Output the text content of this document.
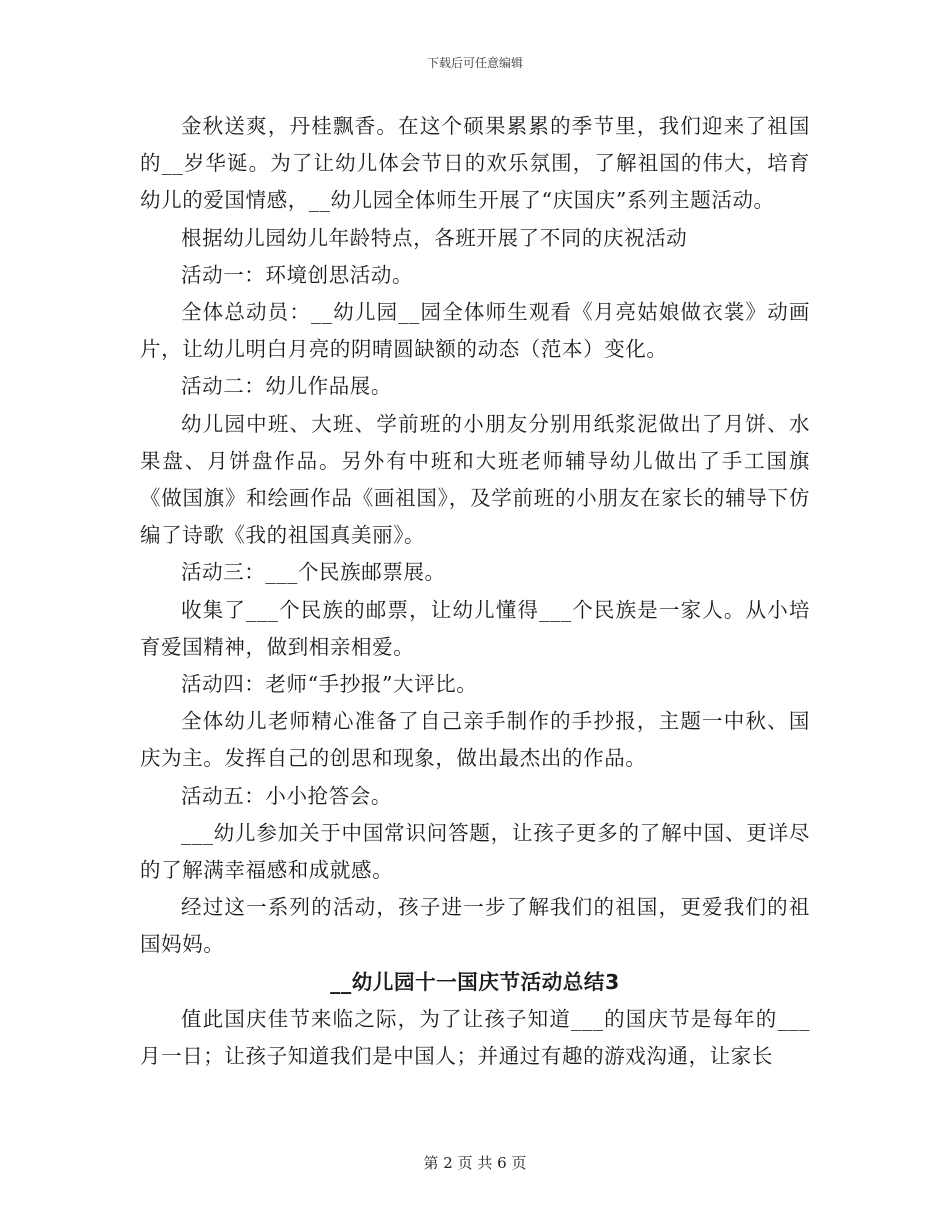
下载后可任意编辑

金秋送爽，丹桂飘香。在这个硕果累累的季节里，我们迎来了祖国的__岁华诞。为了让幼儿体会节日的欢乐氛围，了解祖国的伟大，培育幼儿的爱国情感，__幼儿园全体师生开展了“庆国庆”系列主题活动。

根据幼儿园幼儿年龄特点，各班开展了不同的庆祝活动

活动一：环境创思活动。

全体总动员：__幼儿园__园全体师生观看《月亮姑娘做衣裳》动画片，让幼儿明白月亮的阴晴圆缺额的动态（范本）变化。

活动二：幼儿作品展。

幼儿园中班、大班、学前班的小朋友分别用纸浆泥做出了月饼、水果盘、月饼盘作品。另外有中班和大班老师辅导幼儿做出了手工国旗《做国旗》和绘画作品《画祖国》，及学前班的小朋友在家长的辅导下仿编了诗歌《我的祖国真美丽》。

活动三：___个民族邮票展。

收集了___个民族的邮票，让幼儿懂得___个民族是一家人。从小培育爱国精神，做到相亲相爱。

活动四：老师“手抄报”大评比。

全体幼儿老师精心准备了自己亲手制作的手抄报，主题一中秋、国庆为主。发挥自己的创思和现象，做出最杰出的作品。

活动五：小小抢答会。

___幼儿参加关于中国常识问答题，让孩子更多的了解中国、更详尽的了解满幸福感和成就感。

经过这一系列的活动，孩子进一步了解我们的祖国，更爱我们的祖国妈妈。

__幼儿园十一国庆节活动总结3

值此国庆佳节来临之际，为了让孩子知道___的国庆节是每年的___月一日；让孩子知道我们是中国人；并通过有趣的游戏沟通，让家长

第 2 页 共 6 页
